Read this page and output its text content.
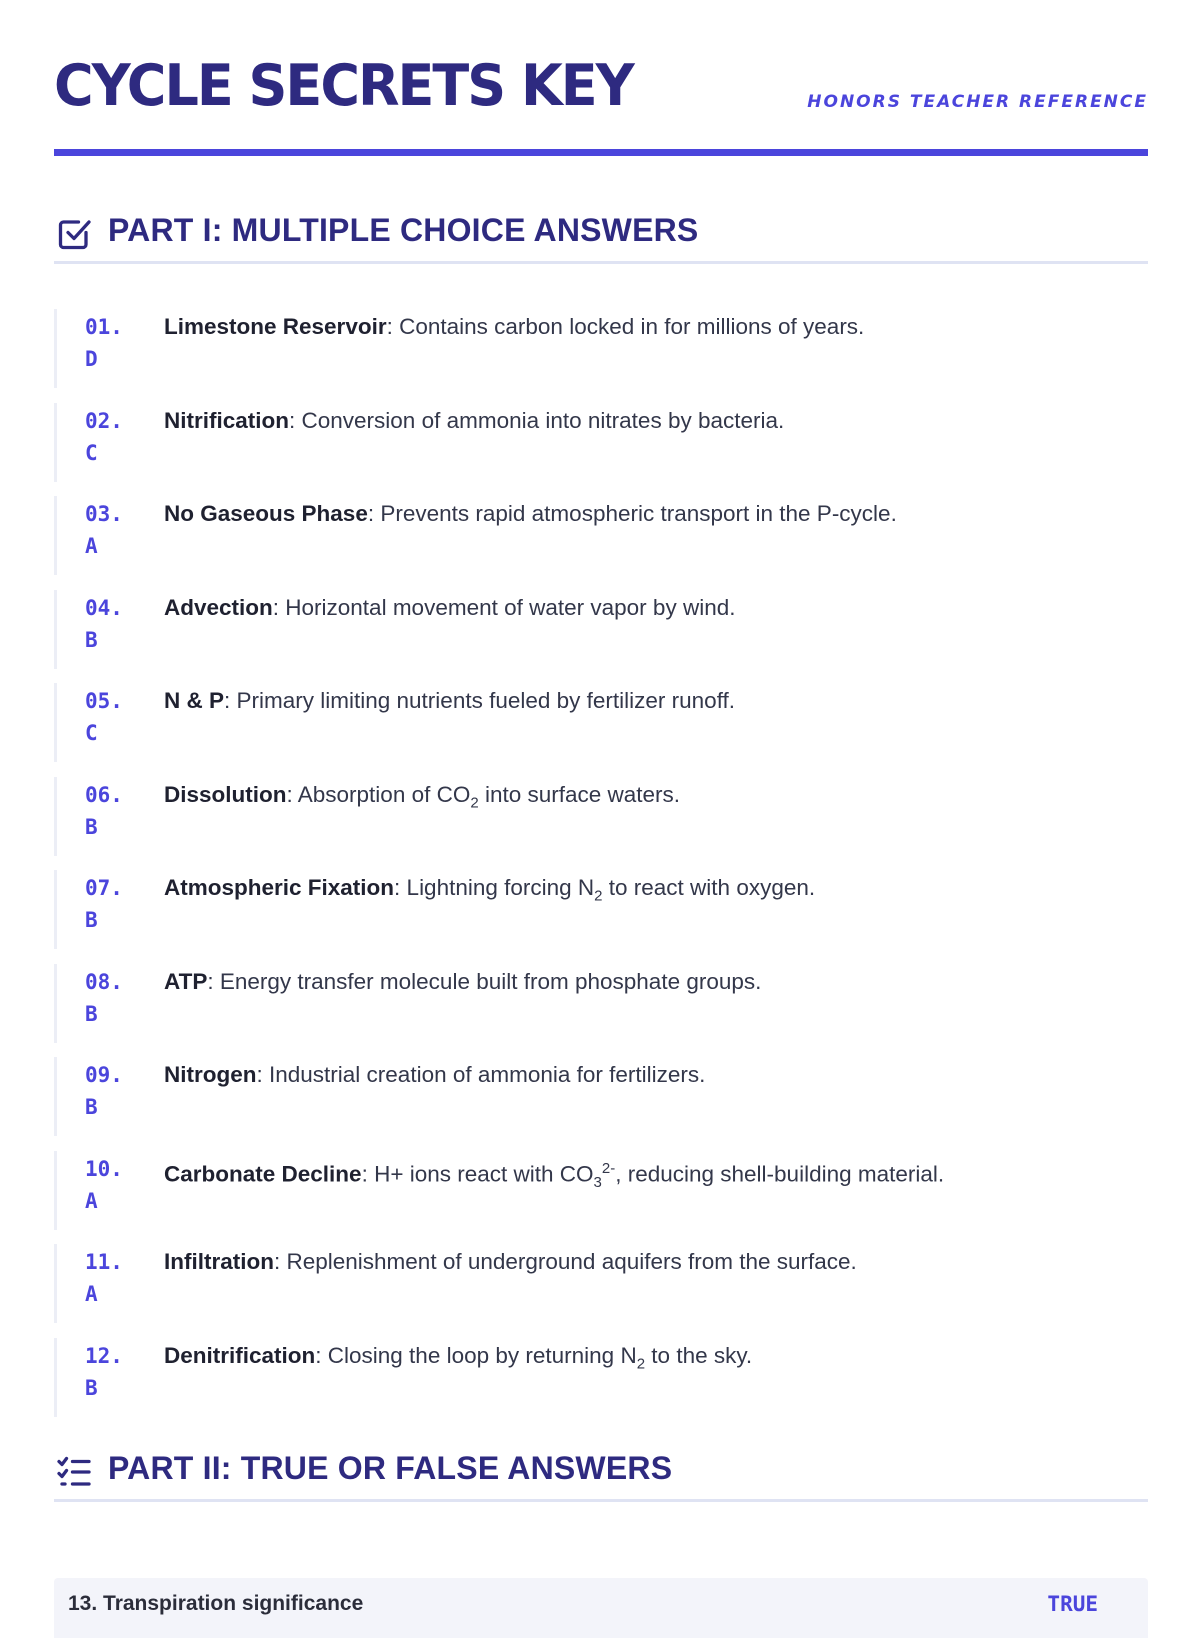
CYCLE SECRETS KEY	HONORS TEACHER REFERENCE
PART I: MULTIPLE CHOICE ANSWERS
01.
D
Limestone Reservoir: Contains carbon locked in for millions of years.
02.
C
Nitrification: Conversion of ammonia into nitrates by bacteria.
03.
A
No Gaseous Phase: Prevents rapid atmospheric transport in the P-cycle.
04.
B
Advection: Horizontal movement of water vapor by wind.
05.
C
N & P: Primary limiting nutrients fueled by fertilizer runoff.
06.
B
Dissolution: Absorption of $CO_2$ into surface waters.
07.
B
Atmospheric Fixation: Lightning forcing $N_2$ to react with oxygen.
08.
B
ATP: Energy transfer molecule built from phosphate groups.
09.
B
Nitrogen: Industrial creation of ammonia for fertilizers.
10.
A
Carbonate Decline: H+ ions react with $CO_3^{2-}$, reducing shell-building material.
11.
A
Infiltration: Replenishment of underground aquifers from the surface.
12.
B
Denitrification: Closing the loop by returning $N_2$ to the sky.
PART II: TRUE OR FALSE ANSWERS
13. Transpiration significance	TRUE
